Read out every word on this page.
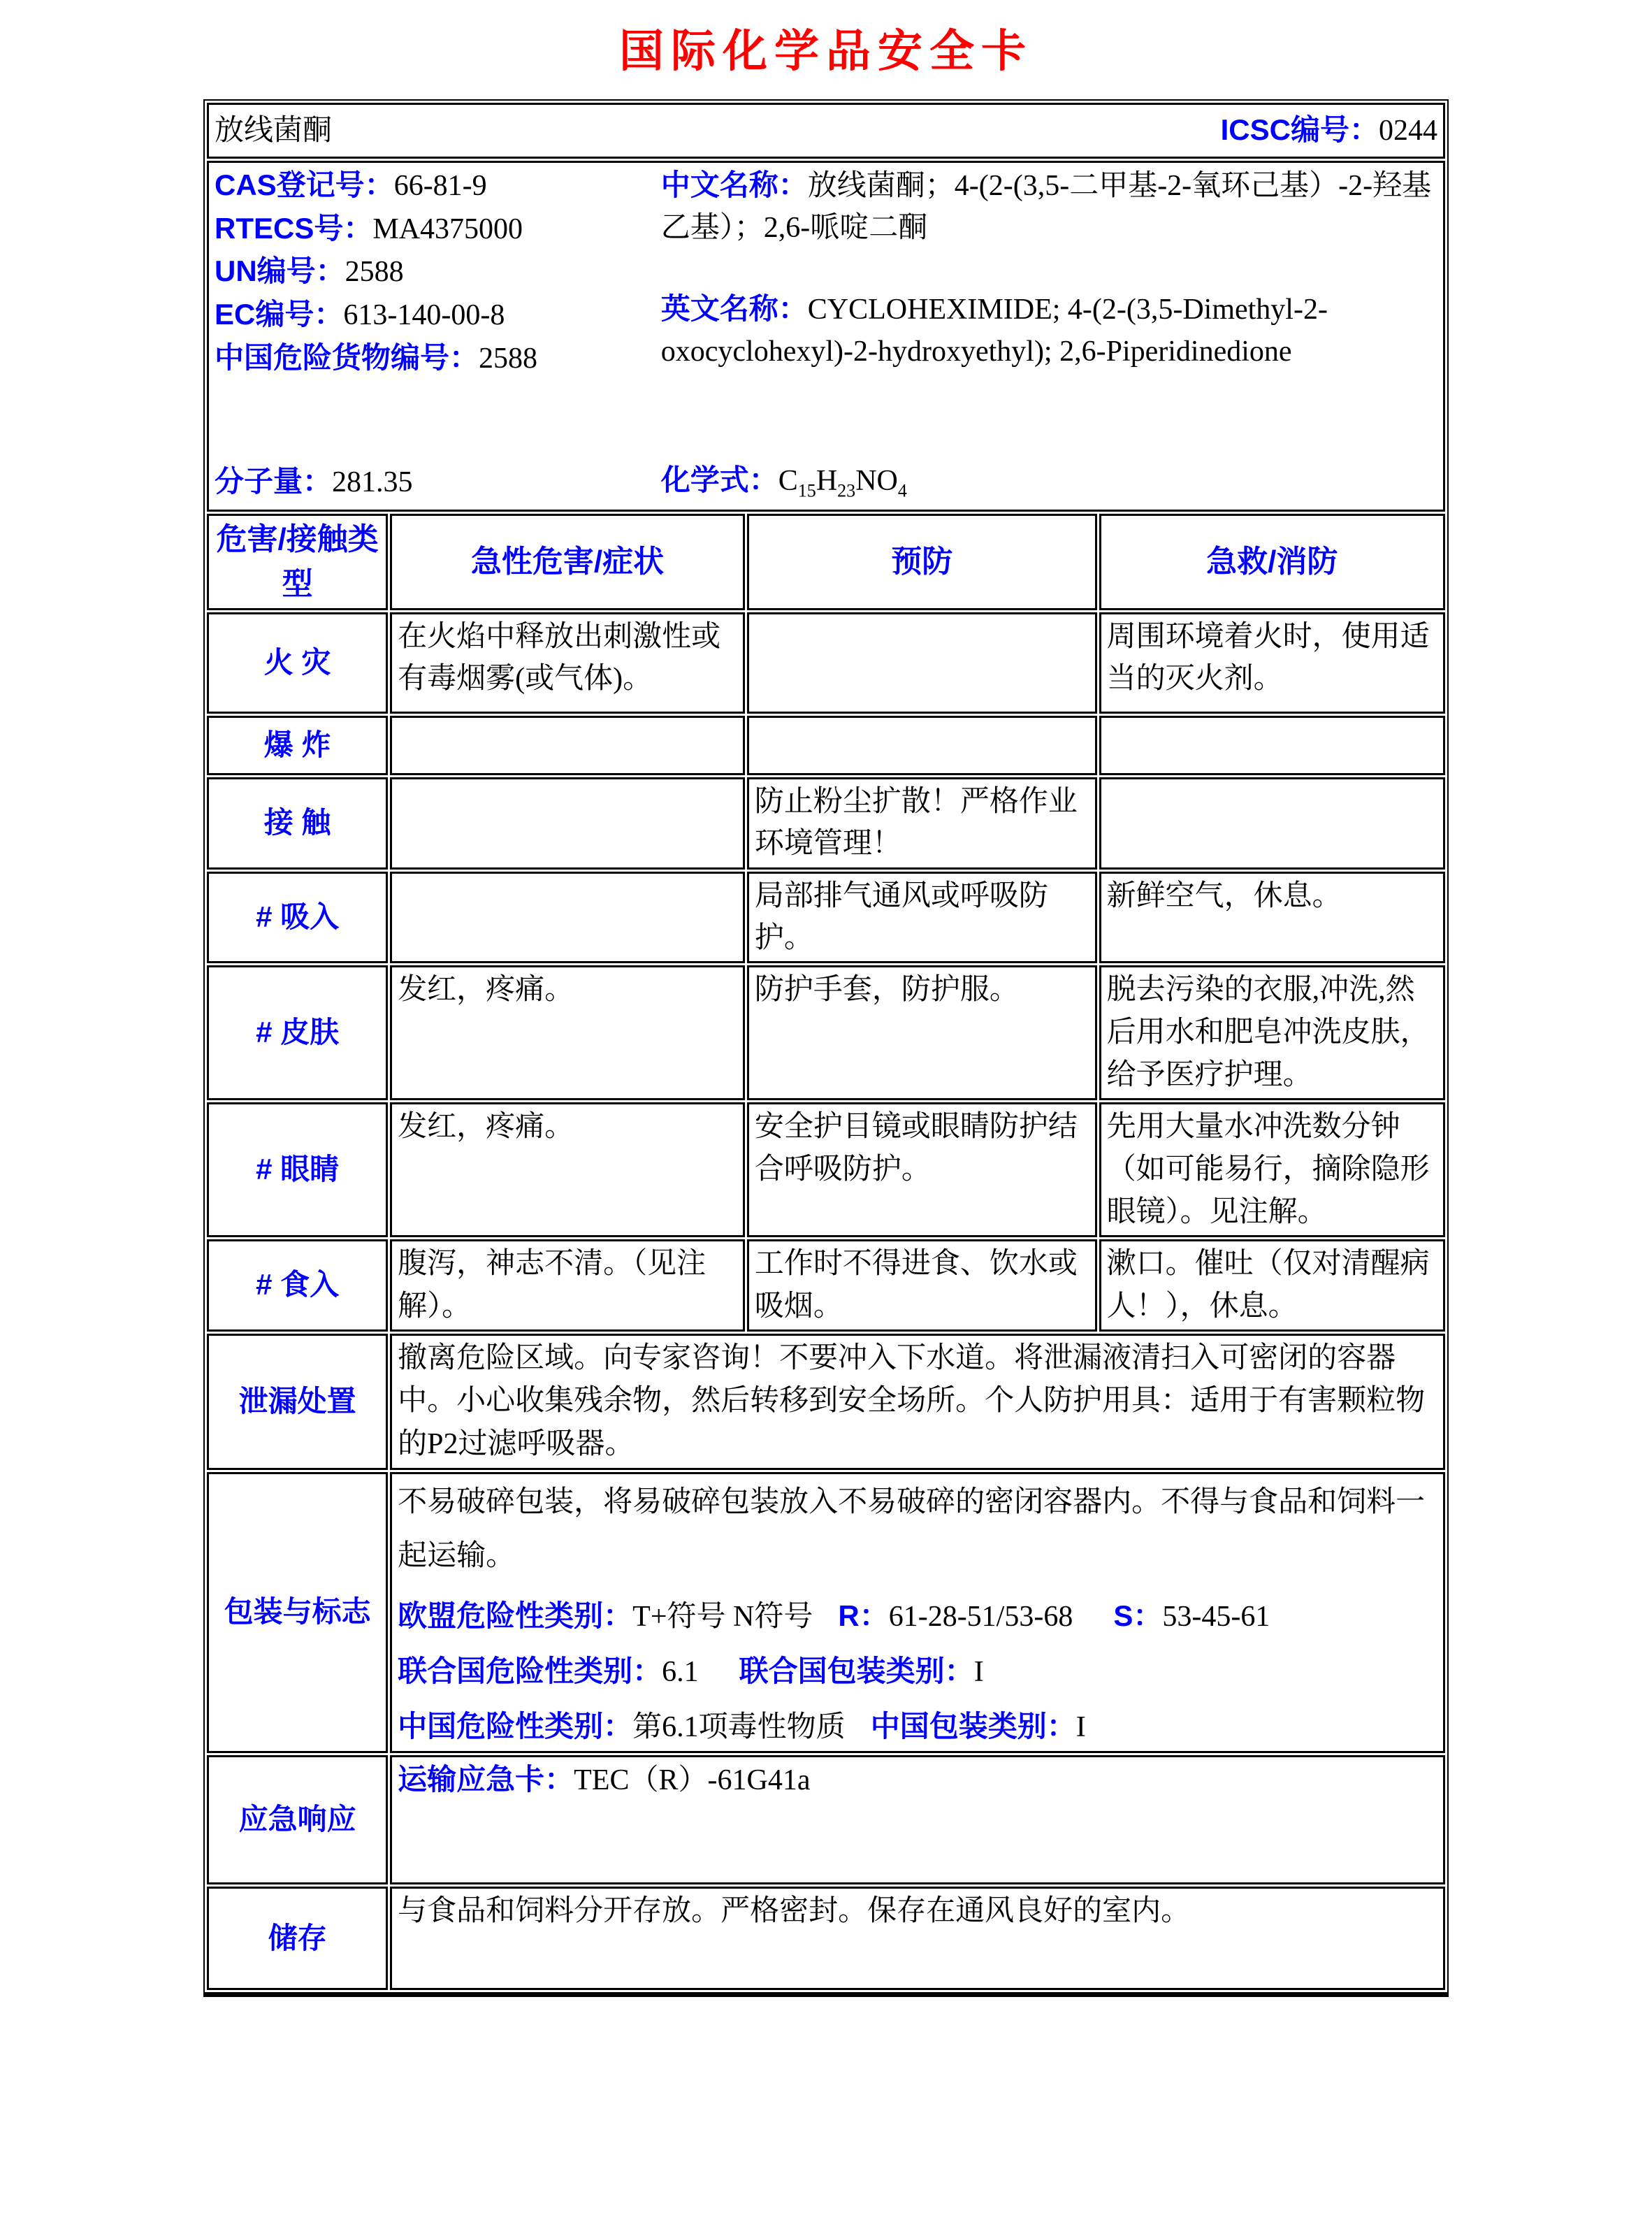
国际化学品安全卡
放线菌酮 ICSC编号：0244			

CAS登记号：66-81-9

RTECS号：MA4375000

UN编号：2588

EC编号：613-140-00-8

中国危险货物编号：2588

分子量：281.35

中文名称：放线菌酮；4-(2-(3,5-二甲基-2-氧环己基）-2-羟基乙基）；2,6-哌啶二酮

英文名称：CYCLOHEXIMIDE; 4-(2-(3,5-Dimethyl-2-oxocyclohexyl)-2-hydroxyethyl); 2,6-Piperidinedione

化学式：$C_{15}H_{23}NO_4$

危害/接触类型	急性危害/症状	预防	急救/消防
火 灾	在火焰中释放出刺激性或有毒烟雾(或气体)。		周围环境着火时，使用适当的灭火剂。
爆 炸			
接 触		防止粉尘扩散！严格作业环境管理！	
# 吸入		局部排气通风或呼吸防护。	新鲜空气，休息。
# 皮肤	发红，疼痛。	防护手套，防护服。	脱去污染的衣服,冲洗,然后用水和肥皂冲洗皮肤，给予医疗护理。
# 眼睛	发红，疼痛。	安全护目镜或眼睛防护结合呼吸防护。	先用大量水冲洗数分钟（如可能易行，摘除隐形眼镜）。见注解。
# 食入	腹泻，神志不清。（见注解）。	工作时不得进食、饮水或吸烟。	漱口。催吐（仅对清醒病人！），休息。
泄漏处置	撤离危险区域。向专家咨询！不要冲入下水道。将泄漏液清扫入可密闭的容器中。小心收集残余物，然后转移到安全场所。个人防护用具：适用于有害颗粒物的P2过滤呼吸器。		
包装与标志	不易破碎包装，将易破碎包装放入不易破碎的密闭容器内。不得与食品和饲料一起运输。

欧盟危险性类别：T+符号 N符号 R：61-28-51/53-68 S：53-45-61

联合国危险性类别：6.1 联合国包装类别：I

中国危险性类别：第6.1项毒性物质 中国包装类别：I		

应急响应	运输应急卡：TEC（R）-61G41a		
储存	与食品和饲料分开存放。严格密封。保存在通风良好的室内。		
